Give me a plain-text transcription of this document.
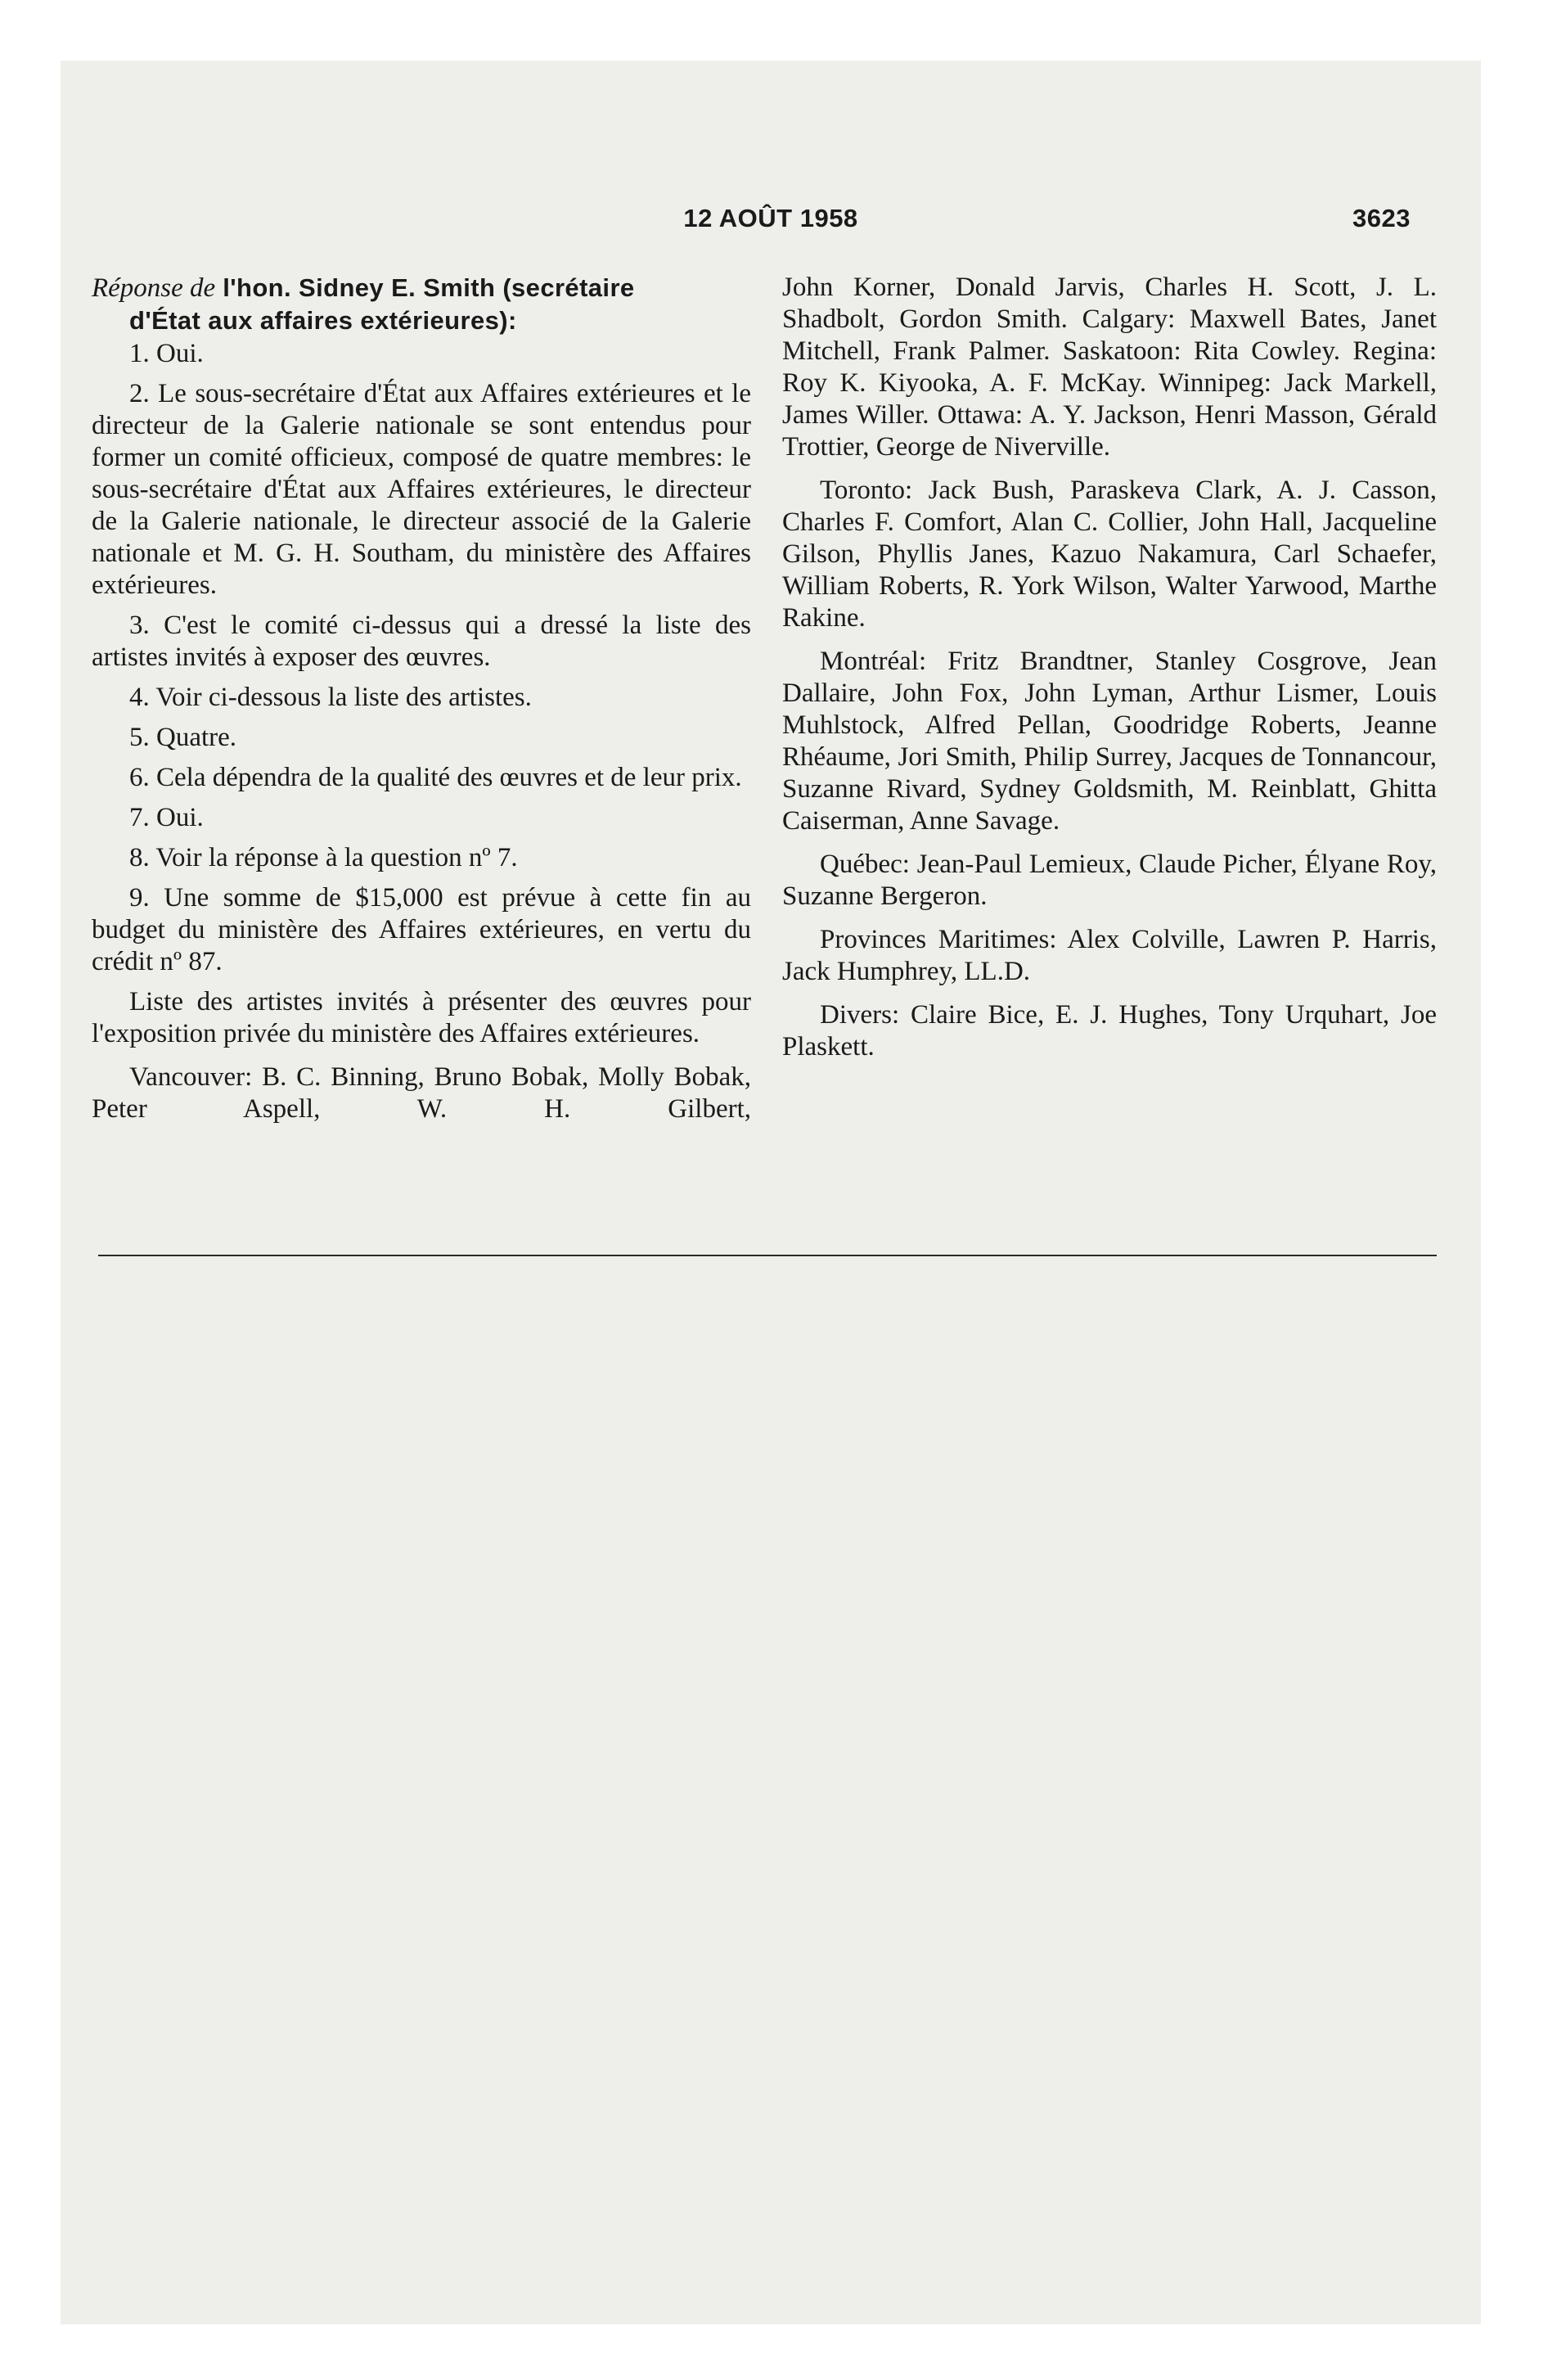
12 AOÛT 1958	3623

Réponse de l'hon. Sidney E. Smith (secrétaire

d'État aux affaires extérieures):

1. Oui.

2. Le sous-secrétaire d'État aux Affaires extérieures et le directeur de la Galerie nationale se sont entendus pour former un comité officieux, composé de quatre membres: le sous-secrétaire d'État aux Affaires extérieures, le directeur de la Galerie nationale, le directeur associé de la Galerie nationale et M. G. H. Southam, du ministère des Affaires extérieures.

3. C'est le comité ci-dessus qui a dressé la liste des artistes invités à exposer des œuvres.

4. Voir ci-dessous la liste des artistes.

5. Quatre.

6. Cela dépendra de la qualité des œuvres et de leur prix.

7. Oui.

8. Voir la réponse à la question nº 7.

9. Une somme de $15,000 est prévue à cette fin au budget du ministère des Affaires extérieures, en vertu du crédit nº 87.

Liste des artistes invités à présenter des œuvres pour l'exposition privée du ministère des Affaires extérieures.

Vancouver: B. C. Binning, Bruno Bobak, Molly Bobak, Peter Aspell, W. H. Gilbert,

John Korner, Donald Jarvis, Charles H. Scott, J. L. Shadbolt, Gordon Smith. Calgary: Maxwell Bates, Janet Mitchell, Frank Palmer. Saskatoon: Rita Cowley. Regina: Roy K. Kiyooka, A. F. McKay. Winnipeg: Jack Markell, James Willer. Ottawa: A. Y. Jackson, Henri Masson, Gérald Trottier, George de Niverville.

Toronto: Jack Bush, Paraskeva Clark, A. J. Casson, Charles F. Comfort, Alan C. Collier, John Hall, Jacqueline Gilson, Phyllis Janes, Kazuo Nakamura, Carl Schaefer, William Roberts, R. York Wilson, Walter Yarwood, Marthe Rakine.

Montréal: Fritz Brandtner, Stanley Cosgrove, Jean Dallaire, John Fox, John Lyman, Arthur Lismer, Louis Muhlstock, Alfred Pellan, Goodridge Roberts, Jeanne Rhéaume, Jori Smith, Philip Surrey, Jacques de Tonnancour, Suzanne Rivard, Sydney Goldsmith, M. Reinblatt, Ghitta Caiserman, Anne Savage.

Québec: Jean-Paul Lemieux, Claude Picher, Élyane Roy, Suzanne Bergeron.

Provinces Maritimes: Alex Colville, Lawren P. Harris, Jack Humphrey, LL.D.

Divers: Claire Bice, E. J. Hughes, Tony Urquhart, Joe Plaskett.
